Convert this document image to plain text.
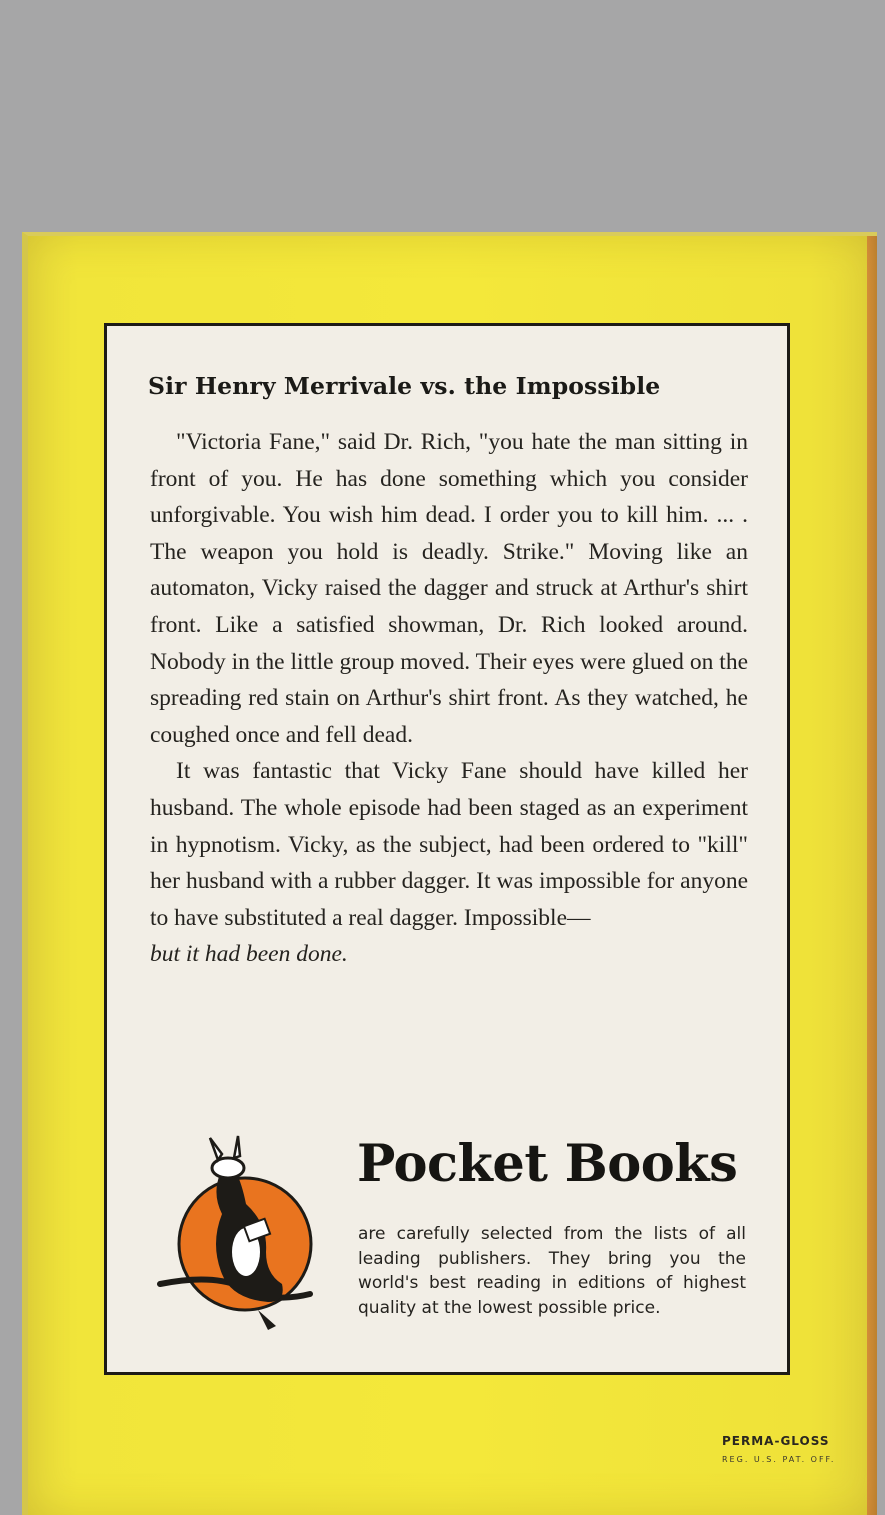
Sir Henry Merrivale vs. the Impossible

"Victoria Fane," said Dr. Rich, "you hate the man sitting in front of you. He has done something which you consider unforgivable. You wish him dead. I order you to kill him. ... . The weapon you hold is deadly. Strike." Moving like an automaton, Vicky raised the dagger and struck at Arthur's shirt front. Like a satisfied showman, Dr. Rich looked around. Nobody in the little group moved. Their eyes were glued on the spreading red stain on Arthur's shirt front. As they watched, he coughed once and fell dead.

It was fantastic that Vicky Fane should have killed her husband. The whole episode had been staged as an experiment in hypnotism. Vicky, as the subject, had been ordered to "kill" her husband with a rubber dagger. It was impossible for anyone to have substituted a real dagger. Impossible—
but it had been done.

Pocket Books

are carefully selected from the lists of all leading publishers. They bring you the world's best reading in editions of highest quality at the lowest possible price.

PERMA-GLOSS

REG. U.S. PAT. OFF.
